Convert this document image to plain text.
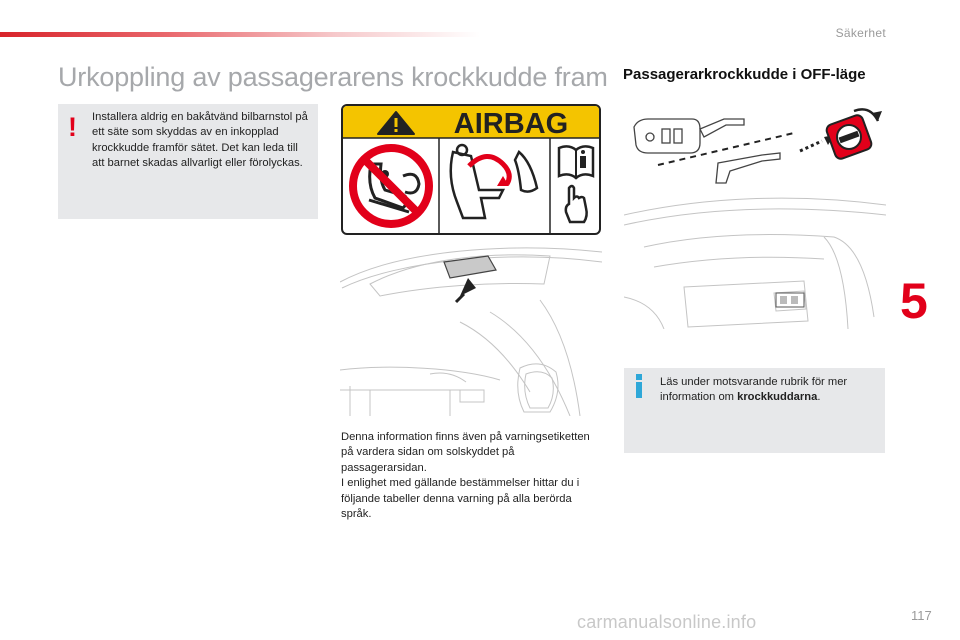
Säkerhet
Urkoppling av passagerarens krockkudde fram
! Installera aldrig en bakåtvänd bilbarnstol på ett säte som skyddas av en inkopplad krockkudde framför sätet. Det kan leda till att barnet skadas allvarligt eller förolyckas.
AIRBAG

Denna information finns även på varningsetiketten på vardera sidan om solskyddet på passagerarsidan.

I enlighet med gällande bestämmelser hittar du i följande tabeller denna varning på alla berörda språk.

Passagerarkrockkudde i OFF-läge
Läs under motsvarande rubrik för mer information om krockkuddarna.
5
carmanualsonline.info	117
